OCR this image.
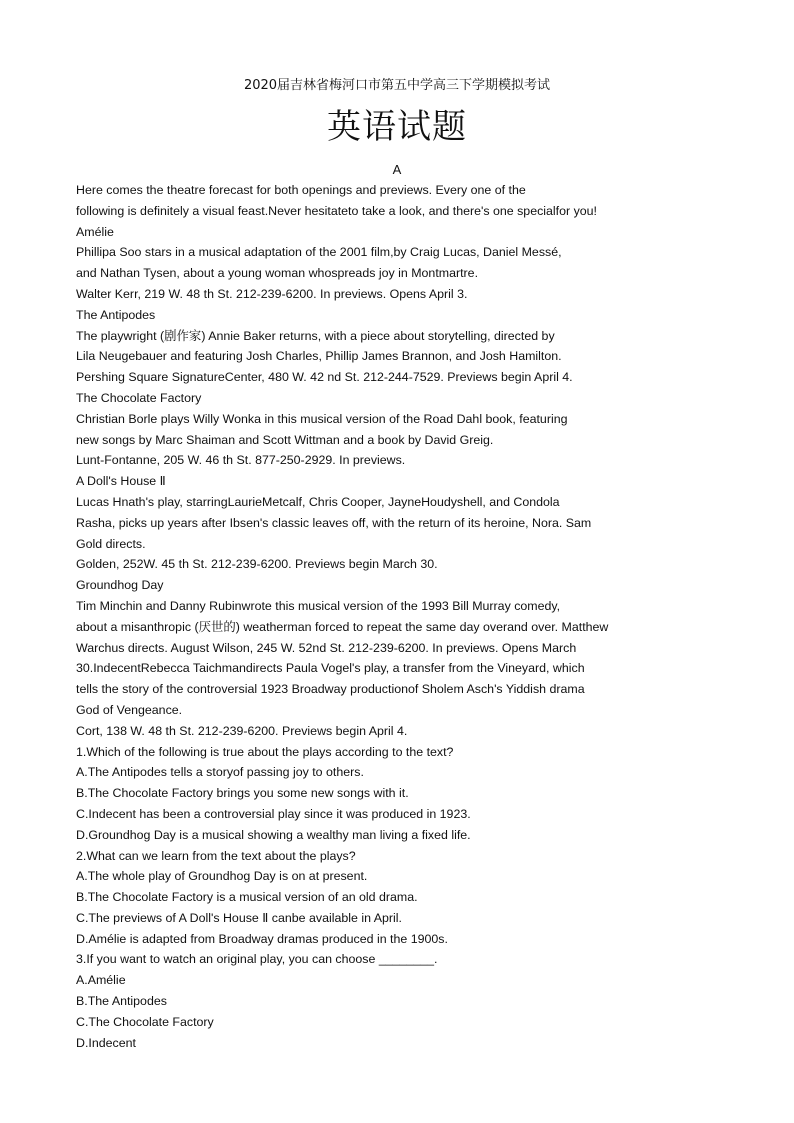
2020届吉林省梅河口市第五中学高三下学期模拟考试
英语试题
A
Here comes the theatre forecast for both openings and previews. Every one of the
following is definitely a visual feast.Never hesitateto take a look, and there's one specialfor you!
Amélie
Phillipa Soo stars in a musical adaptation of the 2001 film,by Craig Lucas, Daniel Messé,
and Nathan Tysen, about a young woman whospreads joy in Montmartre.
Walter Kerr, 219 W. 48 th St. 212-239-6200. In previews. Opens April 3.
The Antipodes
The playwright (剧作家) Annie Baker returns, with a piece about storytelling, directed by
Lila Neugebauer and featuring Josh Charles, Phillip James Brannon, and Josh Hamilton.
Pershing Square SignatureCenter, 480 W. 42 nd St. 212-244-7529. Previews begin April 4.
The Chocolate Factory
Christian Borle plays Willy Wonka in this musical version of the Road Dahl book, featuring
new songs by Marc Shaiman and Scott Wittman and a book by David Greig.
Lunt-Fontanne, 205 W. 46 th St. 877-250-2929. In previews.
A Doll's House Ⅱ
Lucas Hnath's play, starringLaurieMetcalf, Chris Cooper, JayneHoudyshell, and Condola
Rasha, picks up years after Ibsen's classic leaves off, with the return of its heroine, Nora. Sam
Gold directs.
Golden, 252W. 45 th St. 212-239-6200. Previews begin March 30.
Groundhog Day
Tim Minchin and Danny Rubinwrote this musical version of the 1993 Bill Murray comedy,
about a misanthropic (厌世的) weatherman forced to repeat the same day overand over. Matthew
Warchus directs. August Wilson, 245 W. 52nd St. 212-239-6200. In previews. Opens March
30.IndecentRebecca Taichmandirects Paula Vogel's play, a transfer from the Vineyard, which
tells the story of the controversial 1923 Broadway productionof Sholem Asch's Yiddish drama
God of Vengeance.
Cort, 138 W. 48 th St. 212-239-6200. Previews begin April 4.
1.Which of the following is true about the plays according to the text?
A.The Antipodes tells a storyof passing joy to others.
B.The Chocolate Factory brings you some new songs with it.
C.Indecent has been a controversial play since it was produced in 1923.
D.Groundhog Day is a musical showing a wealthy man living a fixed life.
2.What can we learn from the text about the plays?
A.The whole play of Groundhog Day is on at present.
B.The Chocolate Factory is a musical version of an old drama.
C.The previews of A Doll's House Ⅱ canbe available in April.
D.Amélie is adapted from Broadway dramas produced in the 1900s.
3.If you want to watch an original play, you can choose ________.
A.Amélie
B.The Antipodes
C.The Chocolate Factory
D.Indecent
